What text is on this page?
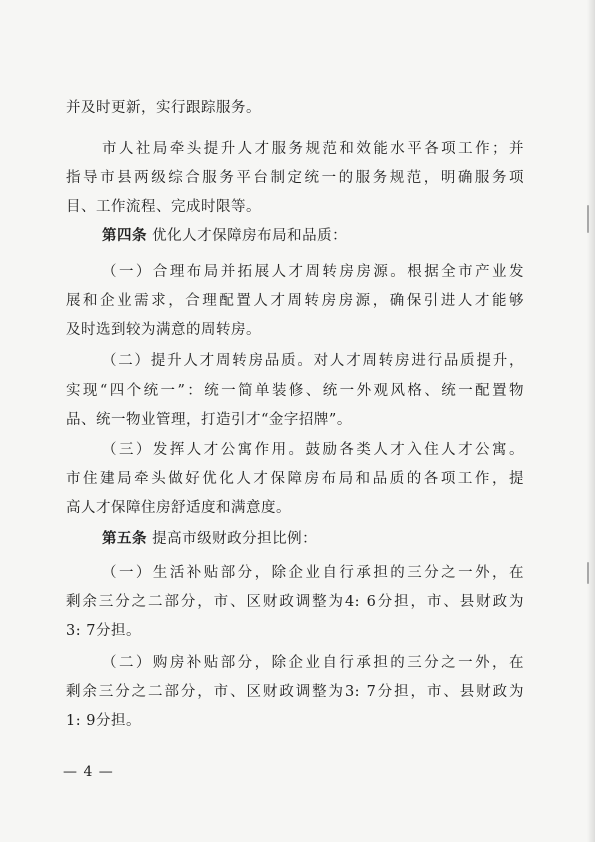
并及时更新，实行跟踪服务。
市人社局牵头提升人才服务规范和效能水平各项工作；并
指导市县两级综合服务平台制定统一的服务规范，明确服务项
目、工作流程、完成时限等。
第四条 优化人才保障房布局和品质：
（一）合理布局并拓展人才周转房房源。根据全市产业发
展和企业需求，合理配置人才周转房房源，确保引进人才能够
及时选到较为满意的周转房。
（二）提升人才周转房品质。对人才周转房进行品质提升，
实现“四个统一”：统一简单装修、统一外观风格、统一配置物
品、统一物业管理，打造引才“金字招牌”。
（三）发挥人才公寓作用。鼓励各类人才入住人才公寓。
市住建局牵头做好优化人才保障房布局和品质的各项工作，提
高人才保障住房舒适度和满意度。
第五条 提高市级财政分担比例：
（一）生活补贴部分，除企业自行承担的三分之一外，在
剩余三分之二部分，市、区财政调整为4: 6分担，市、县财政为
3: 7分担。
（二）购房补贴部分，除企业自行承担的三分之一外，在
剩余三分之二部分，市、区财政调整为3: 7分担，市、县财政为
1: 9分担。
— 4 —
